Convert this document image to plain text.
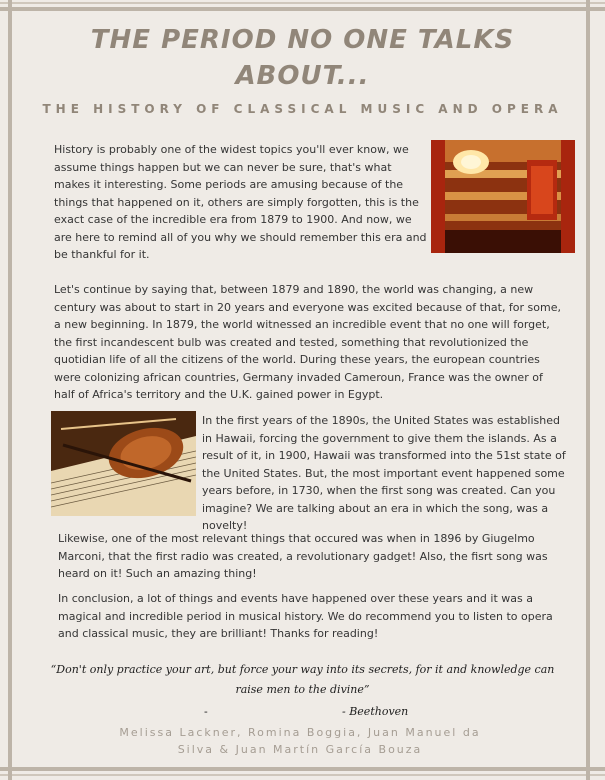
THE PERIOD NO ONE TALKS ABOUT...
THE HISTORY OF CLASSICAL MUSIC AND OPERA

History is probably one of the widest topics you'll ever know, we assume things happen but we can never be sure, that's what makes it interesting. Some periods are amusing because of the things that happened on it, others are simply forgotten, this is the exact case of the incredible era from 1879 to 1900. And now, we are here to remind all of you why we should remember this era and be thankful for it.

Let's continue by saying that, between 1879 and 1890, the world was changing, a new century was about to start in 20 years and everyone was excited because of that, for some, a new beginning. In 1879, the world witnessed an incredible event that no one will forget, the first incandescent bulb was created and tested, something that revolutionized the quotidian life of all the citizens of the world. During these years, the european countries were colonizing african countries, Germany invaded Cameroun, France was the owner of half of Africa's territory and the U.K. gained power in Egypt.

In the first years of the 1890s, the United States was established in Hawaii, forcing the government to give them the islands. As a result of it, in 1900, Hawaii was transformed into the 51st state of the United States. But, the most important event happened some years before, in 1730, when the first song was created. Can you imagine? We are talking about an era in which the song, was a novelty!

Likewise, one of the most relevant things that occured was when in 1896 by Giugelmo Marconi, that the first radio was created, a revolutionary gadget! Also, the fisrt song was heard on it! Such an amazing thing!

In conclusion, a lot of things and events have happened over these years and it was a magical and incredible period in musical history. We do recommend you to listen to opera and classical music, they are brilliant! Thanks for reading!

“Don't only practice your art, but force your way into its secrets, for it and knowledge can raise men to the divine”

-	- Beethoven

Melissa Lackner, Romina Boggia, Juan Manuel da Silva & Juan Martín García Bouza
